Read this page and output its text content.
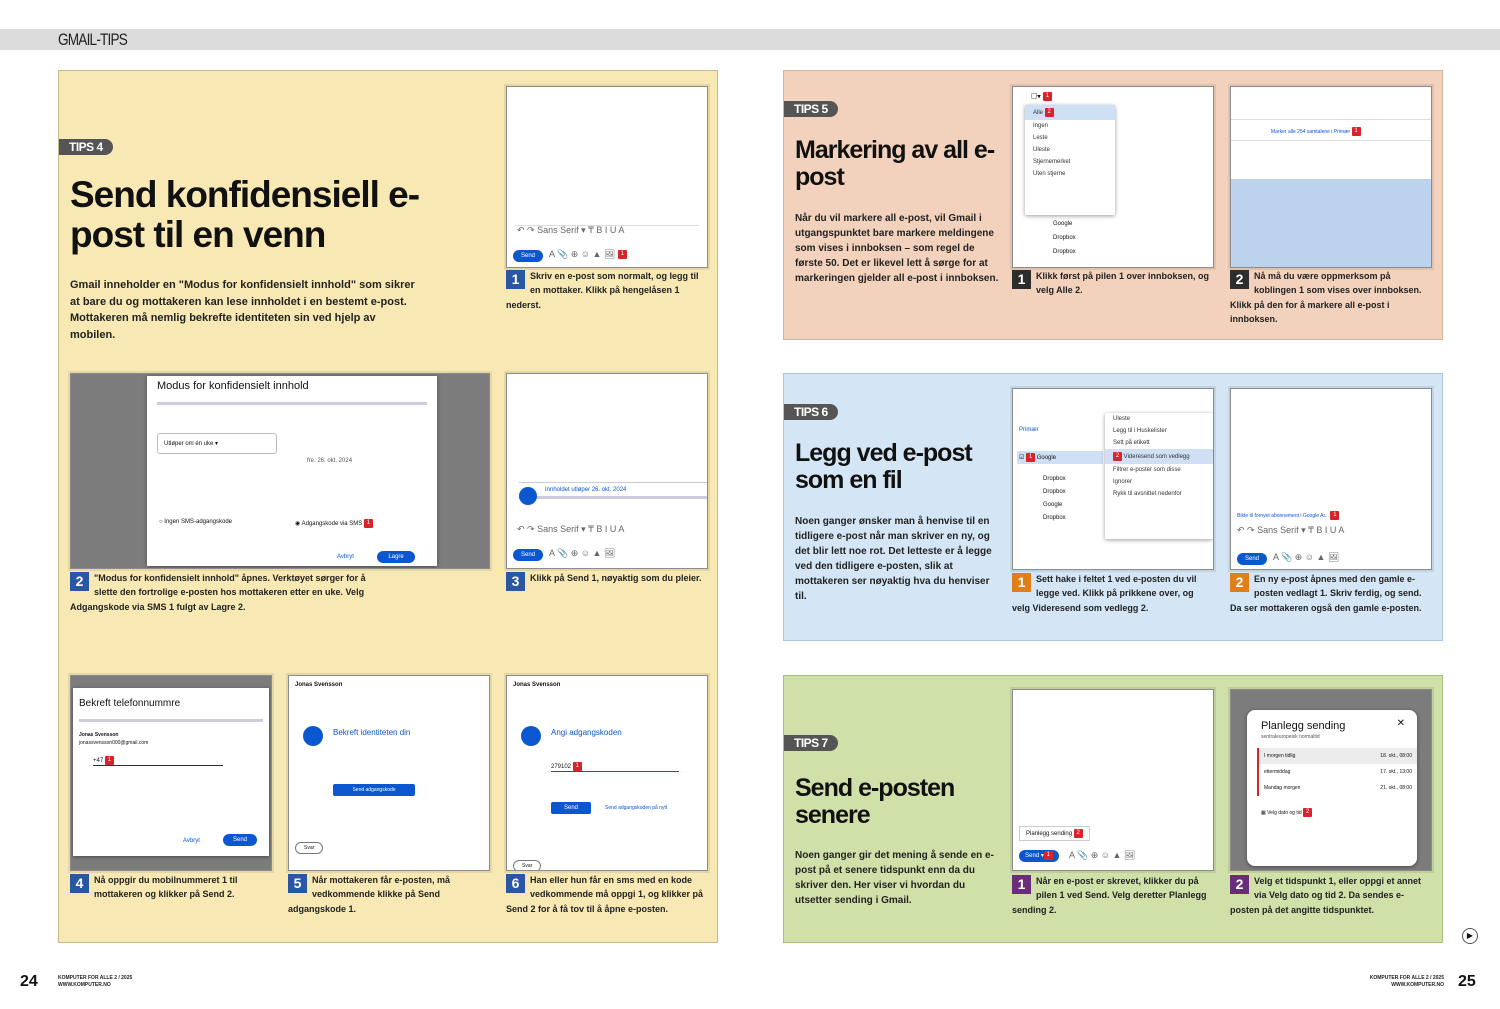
GMAIL-TIPS
TIPS 4
Send konfidensiell e-post til en venn
Gmail inneholder en "Modus for konfidensielt innhold" som sikrer at bare du og mottakeren kan lese innholdet i en bestemt e-post. Mottakeren må nemlig bekrefte identiteten sin ved hjelp av mobilen.
↶ ↷ Sans Serif ▾ ₸ B I U A
Send	A 📎 ⊕ ☺ ▲ 🖼 1
1	Skriv en e-post som normalt, og legg til en mottaker. Klikk på hengelåsen 1 nederst.
Modus for konfidensielt innhold
Utløper om én uke ▾
fre. 26. okt. 2024
○ Ingen SMS-adgangskode	◉ Adgangskode via SMS 1
Avbryt	Lagre
2	"Modus for konfidensielt innhold" åpnes. Verktøyet sørger for å slette den fortrolige e-posten hos mottakeren etter en uke. Velg Adgangskode via SMS 1 fulgt av Lagre 2.
Innholdet utløper 26. okt. 2024
↶ ↷ Sans Serif ▾ ₸ B I U A
Send	A 📎 ⊕ ☺ ▲ 🖼
3	Klikk på Send 1, nøyaktig som du pleier.
Bekreft telefonnummre
Jonas Svensson
jonassvensson000@gmail.com
+47 1
Avbryt	Send
4	Nå oppgir du mobilnummeret 1 til mottakeren og klikker på Send 2.
Jonas Svensson
Bekreft identiteten din
Send adgangskode
Svar
5	Når mottakeren får e-posten, må vedkommende klikke på Send adgangskode 1.
Jonas Svensson
Angi adgangskoden
279102 1
Send	Send adgangskoden på nytt
Svar
6	Han eller hun får en sms med en kode vedkommende må oppgi 1, og klikker på Send 2 for å få tov til å åpne e-posten.
TIPS 5
Markering av all e-post
Når du vil markere all e-post, vil Gmail i utgangspunktet bare markere meldingene som vises i innboksen – som regel de første 50. Det er likevel lett å sørge for at markeringen gjelder all e-post i innboksen.
Alle 2
Ingen
Leste
Uleste
Stjernemerket
Uten stjerne
☐▾ 1
Google
Dropbox
Dropbox
1	Klikk først på pilen 1 over innboksen, og velg Alle 2.
Marker alle 254 samtalene i Primær 1
2	Nå må du være oppmerksom på koblingen 1 som vises over innboksen. Klikk på den for å markere all e-post i innboksen.
TIPS 6
Legg ved e-post som en fil
Noen ganger ønsker man å henvise til en tidligere e-post når man skriver en ny, og det blir lett noe rot. Det letteste er å legge ved den tidligere e-posten, slik at mottakeren ser nøyaktig hva du henviser til.
Primær
☑ 1 Google
Dropbox
Dropbox
Google
Dropbox
Uleste
Legg til i Huskelister
Sett på etikett
2 Videresend som vedlegg
Filtrer e-poster som disse
Ignorer
Rykk til avsnittet nedenfor
1	Sett hake i feltet 1 ved e-posten du vil legge ved. Klikk på prikkene over, og velg Videresend som vedlegg 2.
Bilde til fornyet abonnement i Google Ar... 1
↶ ↷ Sans Serif ▾ ₸ B I U A
Send	A 📎 ⊕ ☺ ▲ 🖼
2	En ny e-post åpnes med den gamle e-posten vedlagt 1. Skriv ferdig, og send. Da ser mottakeren også den gamle e-posten.
TIPS 7
Send e-posten senere
Noen ganger gir det mening å sende en e-post på et senere tidspunkt enn da du skriver den. Her viser vi hvordan du utsetter sending i Gmail.
Planlegg sending 2
Send ▾ 1	A 📎 ⊕ ☺ ▲ 🖼
1	Når en e-post er skrevet, klikker du på pilen 1 ved Send. Velg deretter Planlegg sending 2.
Planlegg sending	✕
sentraleuropeisk normaltid
I morgen tidlig	18. okt., 08:00
ettermiddag	17. okt., 13:00
Mandag morgen	21. okt., 08:00
▦ Velg dato og tid 2
2	Velg et tidspunkt 1, eller oppgi et annet via Velg dato og tid 2. Da sendes e-posten på det angitte tidspunktet.
▶
24	KOMPUTER FOR ALLE 2 / 2025
WWW.KOMPUTER.NO
KOMPUTER FOR ALLE 2 / 2025
WWW.KOMPUTER.NO 25
